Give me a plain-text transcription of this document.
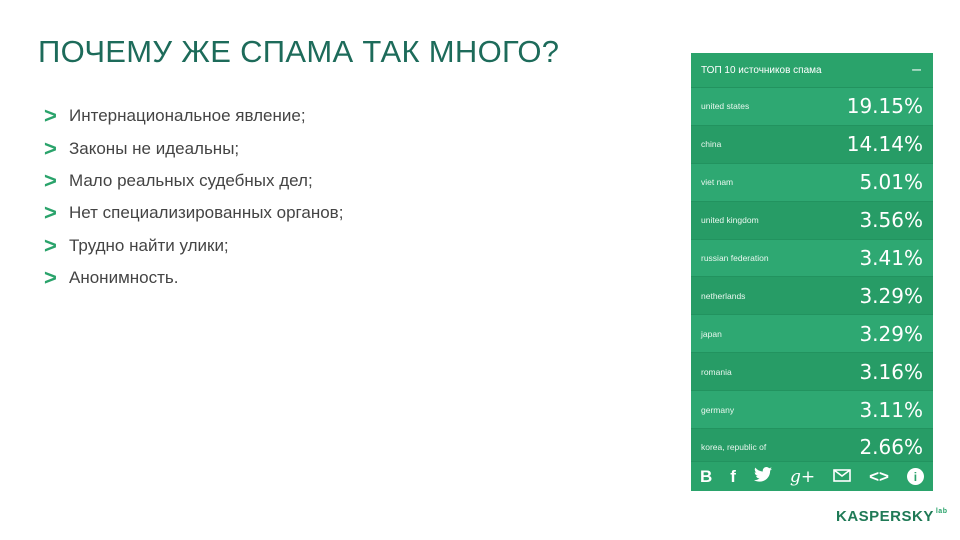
ПОЧЕМУ ЖЕ СПАМА ТАК МНОГО?
> Интернациональное явление;
> Законы не идеальны;
> Мало реальных судебных дел;
> Нет специализированных органов;
> Трудно найти улики;
> Анонимность.
ТОП 10 источников спама	–
united states	19.15%
china	14.14%
viet nam	5.01%
united kingdom	3.56%
russian federation	3.41%
netherlands	3.29%
japan	3.29%
romania	3.16%
germany	3.11%
korea, republic of	2.66%
B f	g+	<>	i
KASPERSKY $^{lab}$
